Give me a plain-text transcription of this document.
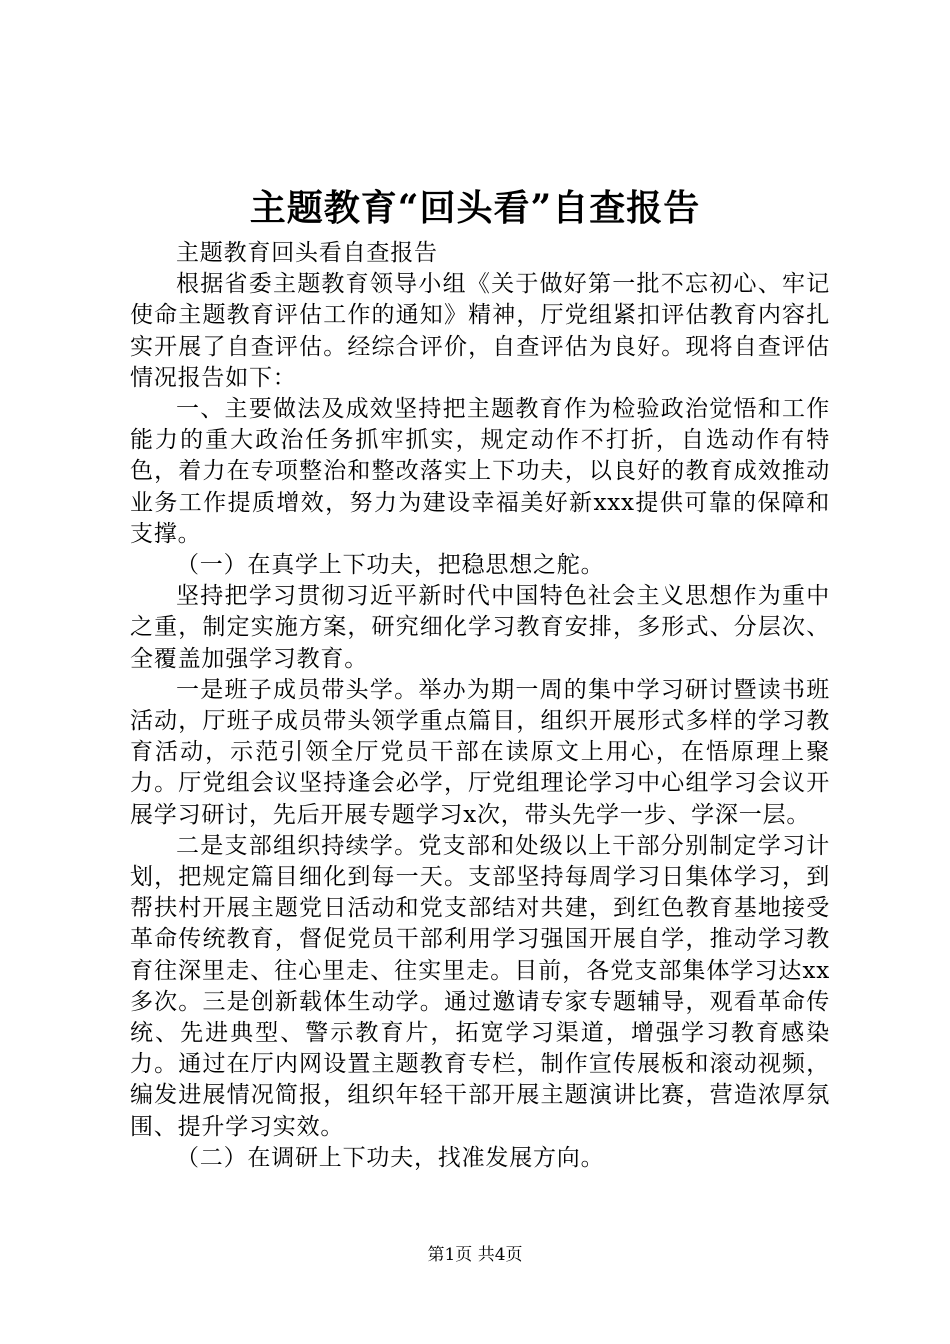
主题教育“回头看”自查报告

主题教育回头看自查报告

根据省委主题教育领导小组《关于做好第一批不忘初心、牢记使命主题教育评估工作的通知》精神，厅党组紧扣评估教育内容扎实开展了自查评估。经综合评价，自查评估为良好。现将自查评估情况报告如下：

一、主要做法及成效坚持把主题教育作为检验政治觉悟和工作能力的重大政治任务抓牢抓实，规定动作不打折，自选动作有特色，着力在专项整治和整改落实上下功夫，以良好的教育成效推动业务工作提质增效，努力为建设幸福美好新xxx提供可靠的保障和支撑。

（一）在真学上下功夫，把稳思想之舵。

坚持把学习贯彻习近平新时代中国特色社会主义思想作为重中之重，制定实施方案，研究细化学习教育安排，多形式、分层次、全覆盖加强学习教育。

一是班子成员带头学。举办为期一周的集中学习研讨暨读书班活动，厅班子成员带头领学重点篇目，组织开展形式多样的学习教育活动，示范引领全厅党员干部在读原文上用心，在悟原理上聚力。厅党组会议坚持逢会必学，厅党组理论学习中心组学习会议开展学习研讨，先后开展专题学习x次，带头先学一步、学深一层。

二是支部组织持续学。党支部和处级以上干部分别制定学习计划，把规定篇目细化到每一天。支部坚持每周学习日集体学习，到帮扶村开展主题党日活动和党支部结对共建，到红色教育基地接受革命传统教育，督促党员干部利用学习强国开展自学，推动学习教育往深里走、往心里走、往实里走。目前，各党支部集体学习达xx多次。三是创新载体生动学。通过邀请专家专题辅导，观看革命传统、先进典型、警示教育片，拓宽学习渠道，增强学习教育感染力。通过在厅内网设置主题教育专栏，制作宣传展板和滚动视频，编发进展情况简报，组织年轻干部开展主题演讲比赛，营造浓厚氛围、提升学习实效。

（二）在调研上下功夫，找准发展方向。

第1页 共4页
